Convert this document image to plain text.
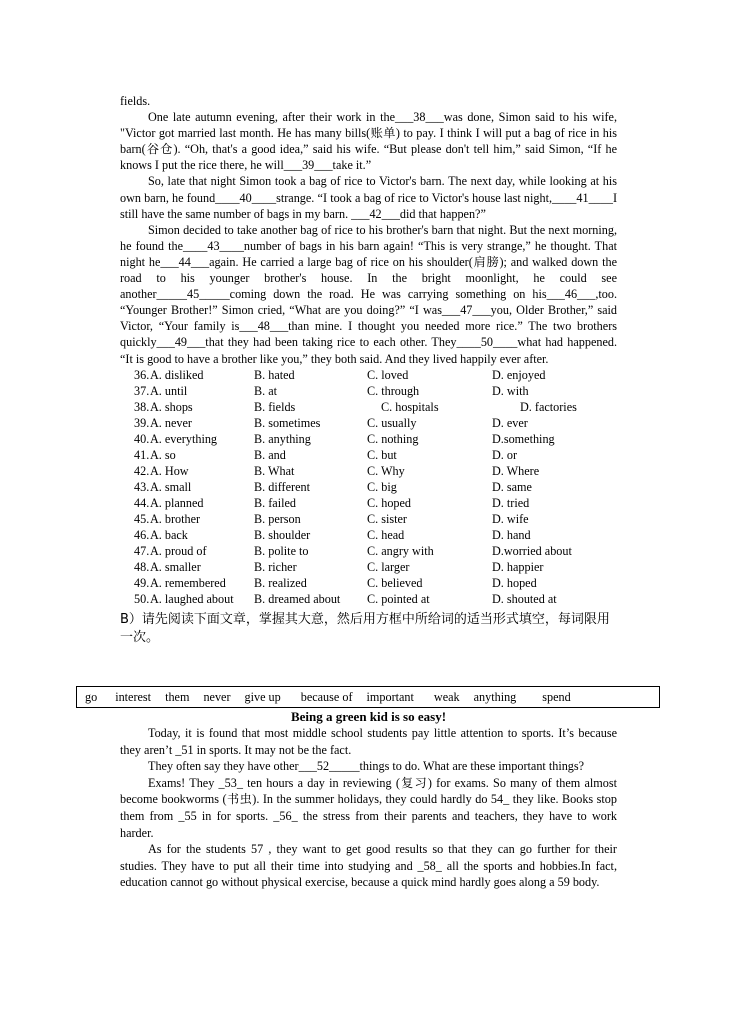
fields.

One late autumn evening, after their work in the___38___was done, Simon said to his wife, "Victor got married last month. He has many bills(账单) to pay. I think I will put a bag of rice in his barn(谷仓). “Oh, that's a good idea,” said his wife. “But please don't tell him,” said Simon, “If he knows I put the rice there, he will___39___take it.”

So, late that night Simon took a bag of rice to Victor's barn. The next day, while looking at his own barn, he found____40____strange. “I took a bag of rice to Victor's house last night,____41____I still have the same number of bags in my barn. ___42___did that happen?”

Simon decided to take another bag of rice to his brother's barn that night. But the next morning, he found the____43____number of bags in his barn again! “This is very strange,” he thought. That night he___44___again. He carried a large bag of rice on his shoulder(肩膀); and walked down the road to his younger brother's house. In the bright moonlight, he could see another_____45_____coming down the road. He was carrying something on his___46___,too. “Younger Brother!” Simon cried, “What are you doing?” “I was___47___you, Older Brother,” said Victor, “Your family is___48___than mine. I thought you needed more rice.” The two brothers quickly___49___that they had been taking rice to each other. They____50____what had happened. “It is good to have a brother like you,” they both said. And they lived happily ever after.

36.	A. disliked	B. hated	C. loved	D. enjoyed
37.	A. until	B. at	C. through	D. with
38.	A. shops	B. fields	C. hospitals	D. factories
39.	A. never	B. sometimes	C. usually	D. ever
40.	A. everything	B. anything	C. nothing	D.something
41.	A. so	B. and	C. but	D. or
42.	A. How	B. What	C. Why	D. Where
43.	A. small	B. different	C. big	D. same
44.	A. planned	B. failed	C. hoped	D. tried
45.	A. brother	B. person	C. sister	D. wife
46.	A. back	B. shoulder	C. head	D. hand
47.	A. proud of	B. polite to	C. angry with	D.worried about
48.	A. smaller	B. richer	C. larger	D. happier
49.	A. remembered	B. realized	C. believed	D. hoped
50.	A. laughed about	B. dreamed about	C. pointed at	D. shouted at
B）请先阅读下面文章，掌握其大意，然后用方框中所给词的适当形式填空，每词限用一次。
go interest them never give up because of important weak anything spend
Being a green kid is so easy!

Today, it is found that most middle school students pay little attention to sports. It’s because they aren’t _51 in sports. It may not be the fact.

They often say they have other___52_____things to do. What are these important things?

Exams! They _53_ ten hours a day in reviewing (复习) for exams. So many of them almost become bookworms (书虫). In the summer holidays, they could hardly do 54_ they like. Books stop them from _55 in for sports. _56_ the stress from their parents and teachers, they have to work harder.

As for the students 57 , they want to get good results so that they can go further for their studies. They have to put all their time into studying and _58_ all the sports and hobbies.In fact, education cannot go without physical exercise, because a quick mind hardly goes along a 59 body.
